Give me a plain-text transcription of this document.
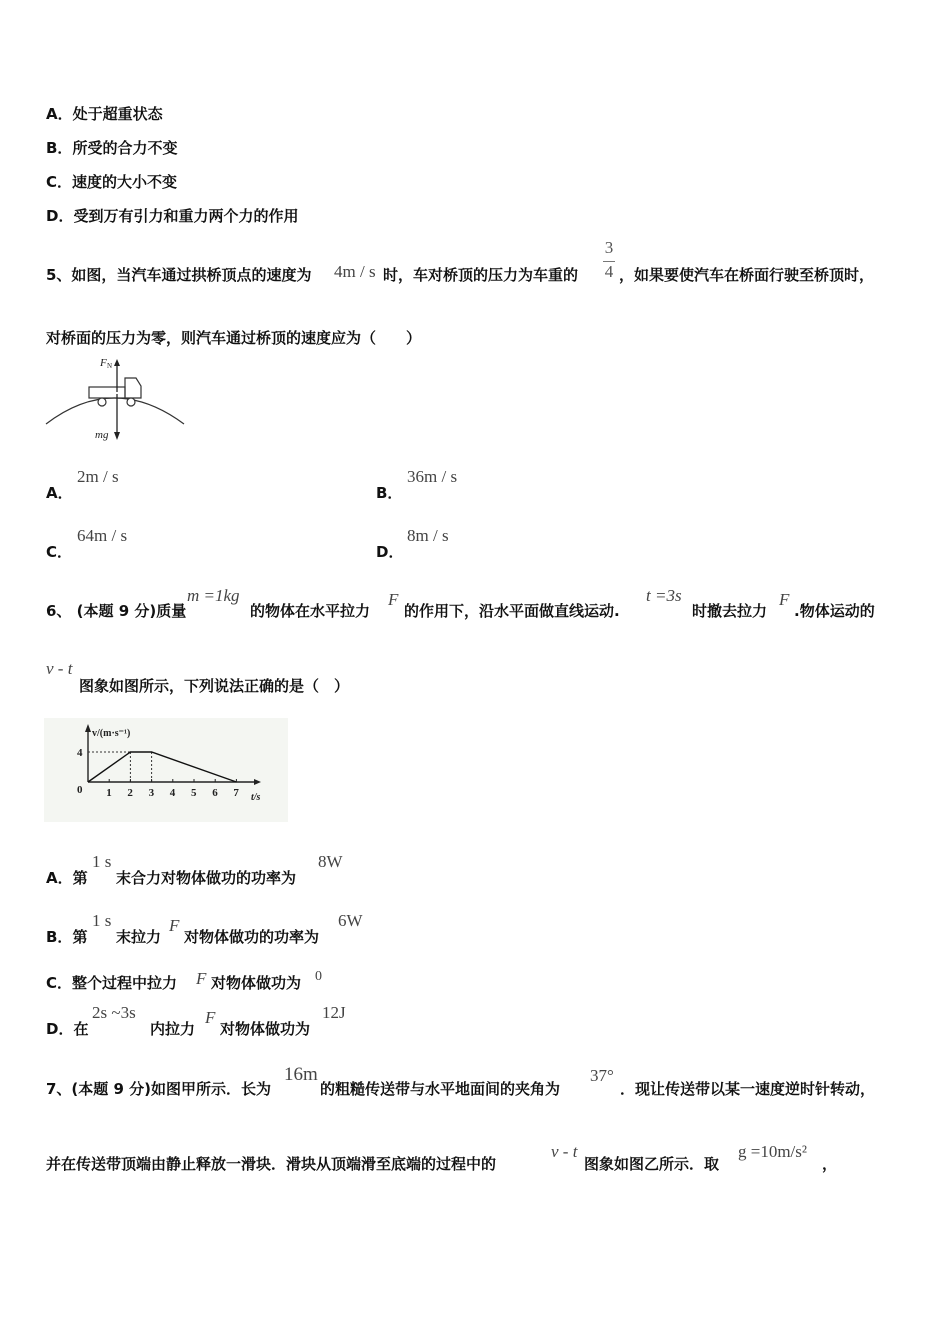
A．处于超重状态
B．所受的合力不变
C．速度的大小不变
D．受到万有引力和重力两个力的作用
5、如图，当汽车通过拱桥顶点的速度为 4m / s 时，车对桥顶的压力为车重的
3
4 ，如果要使汽车在桥面行驶至桥顶时，
对桥面的压力为零，则汽车通过桥顶的速度应为（　　）
F N
mg
A．
2m / s
B．
36m / s
C．
64m / s
D．
8m / s
6、 (本题 9 分)质量
m =1kg
的物体在水平拉力
F
的作用下，沿水平面做直线运动.
t =3s
时撤去拉力
F
.物体运动的
v - t
图象如图所示，下列说法正确的是（　）
v/(m·s⁻¹)
t/s
0 1 2 3 4 5 6 7
4
A．第
1 s
末合力对物体做功的功率为
8W
B．第
1 s
末拉力
F
对物体做功的功率为
6W
C．整个过程中拉力 F 对物体做功为 0
D．在
2s ~3s
内拉力
F
对物体做功为
12J
7、(本题 9 分)如图甲所示．长为
16m
的粗糙传送带与水平地面间的夹角为
37°
．现让传送带以某一速度逆时针转动，
并在传送带顶端由静止释放一滑块．滑块从顶端滑至底端的过程中的
v - t
图象如图乙所示．取
g =10m/s²
，
